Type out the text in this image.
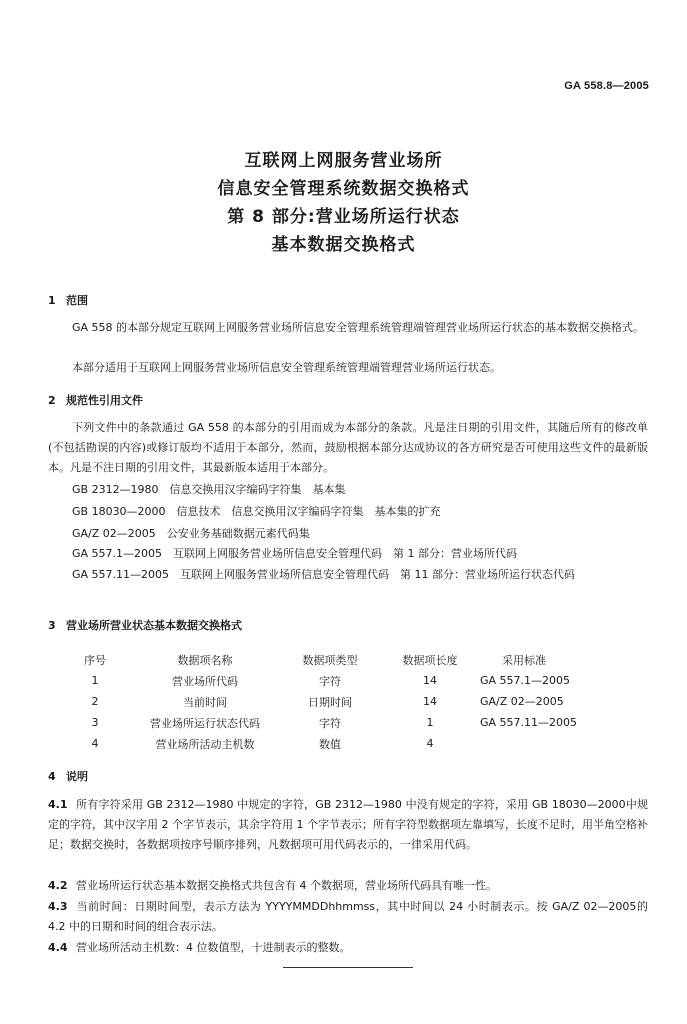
GA 558.8—2005
互联网上网服务营业场所
信息安全管理系统数据交换格式
第 8 部分:营业场所运行状态
基本数据交换格式
1 范围
GA 558 的本部分规定互联网上网服务营业场所信息安全管理系统管理端管理营业场所运行状态的基本数据交换格式。
本部分适用于互联网上网服务营业场所信息安全管理系统管理端管理营业场所运行状态。
2 规范性引用文件
下列文件中的条款通过 GA 558 的本部分的引用而成为本部分的条款。凡是注日期的引用文件，其随后所有的修改单(不包括勘误的内容)或修订版均不适用于本部分，然而，鼓励根据本部分达成协议的各方研究是否可使用这些文件的最新版本。凡是不注日期的引用文件，其最新版本适用于本部分。
GB 2312—1980　信息交换用汉字编码字符集　基本集
GB 18030—2000　信息技术　信息交换用汉字编码字符集　基本集的扩充
GA/Z 02—2005　公安业务基础数据元素代码集
GA 557.1—2005　互联网上网服务营业场所信息安全管理代码　第 1 部分：营业场所代码
GA 557.11—2005　互联网上网服务营业场所信息安全管理代码　第 11 部分：营业场所运行状态代码
3 营业场所营业状态基本数据交换格式
序号	数据项名称	数据项类型	数据项长度	采用标准
1	营业场所代码	字符	14	GA 557.1—2005
2	当前时间	日期时间	14	GA/Z 02—2005
3	营业场所运行状态代码	字符	1	GA 557.11—2005
4	营业场所活动主机数	数值	4	
4 说明
4.1 所有字符采用 GB 2312—1980 中规定的字符，GB 2312—1980 中没有规定的字符，采用 GB 18030—2000中规定的字符，其中汉字用 2 个字节表示，其余字符用 1 个字节表示；所有字符型数据项左靠填写，长度不足时，用半角空格补足；数据交换时，各数据项按序号顺序排列，凡数据项可用代码表示的，一律采用代码。
4.2 营业场所运行状态基本数据交换格式共包含有 4 个数据项，营业场所代码具有唯一性。
4.3 当前时间：日期时间型，表示方法为 YYYYMMDDhhmmss，其中时间以 24 小时制表示。按 GA/Z 02—2005的 4.2 中的日期和时间的组合表示法。
4.4 营业场所活动主机数：4 位数值型，十进制表示的整数。
